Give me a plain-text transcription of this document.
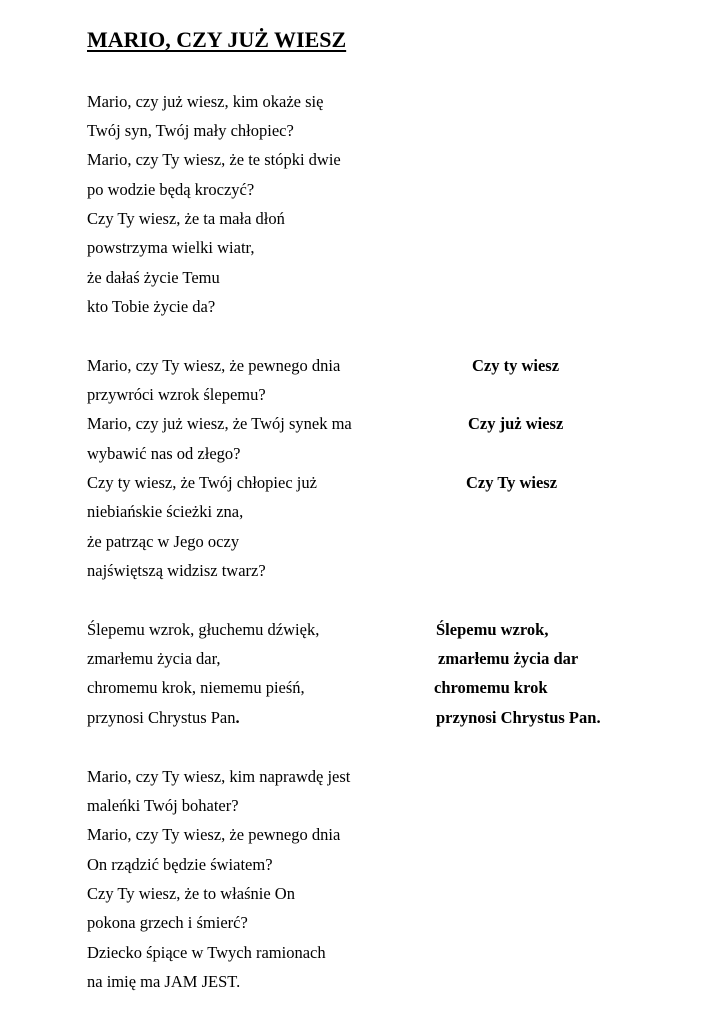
MARIO, CZY JUŻ WIESZ
Mario, czy już wiesz, kim okaże się
Twój syn, Twój mały chłopiec?
Mario, czy Ty wiesz, że te stópki dwie
po wodzie będą kroczyć?
Czy Ty wiesz, że ta mała dłoń
powstrzyma wielki wiatr,
że dałaś życie Temu
kto Tobie życie da?
Mario, czy Ty wiesz, że pewnego dnia
przywróci wzrok ślepemu?
Mario, czy już wiesz, że Twój synek ma
wybawić nas od złego?
Czy ty wiesz, że Twój chłopiec już
niebiańskie ścieżki zna,
że patrząc w Jego oczy
najświętszą widzisz twarz?
Czy ty wiesz
Czy już wiesz
Czy Ty wiesz
Ślepemu wzrok, głuchemu dźwięk,
zmarłemu życia dar,
chromemu krok, niememu pieśń,
przynosi Chrystus Pan.
Ślepemu wzrok,
zmarłemu życia dar
chromemu krok
przynosi Chrystus Pan.
Mario, czy Ty wiesz, kim naprawdę jest
maleńki Twój bohater?
Mario, czy Ty wiesz, że pewnego dnia
On rządzić będzie światem?
Czy Ty wiesz, że to właśnie On
pokona grzech i śmierć?
Dziecko śpiące w Twych ramionach
na imię ma JAM JEST.
